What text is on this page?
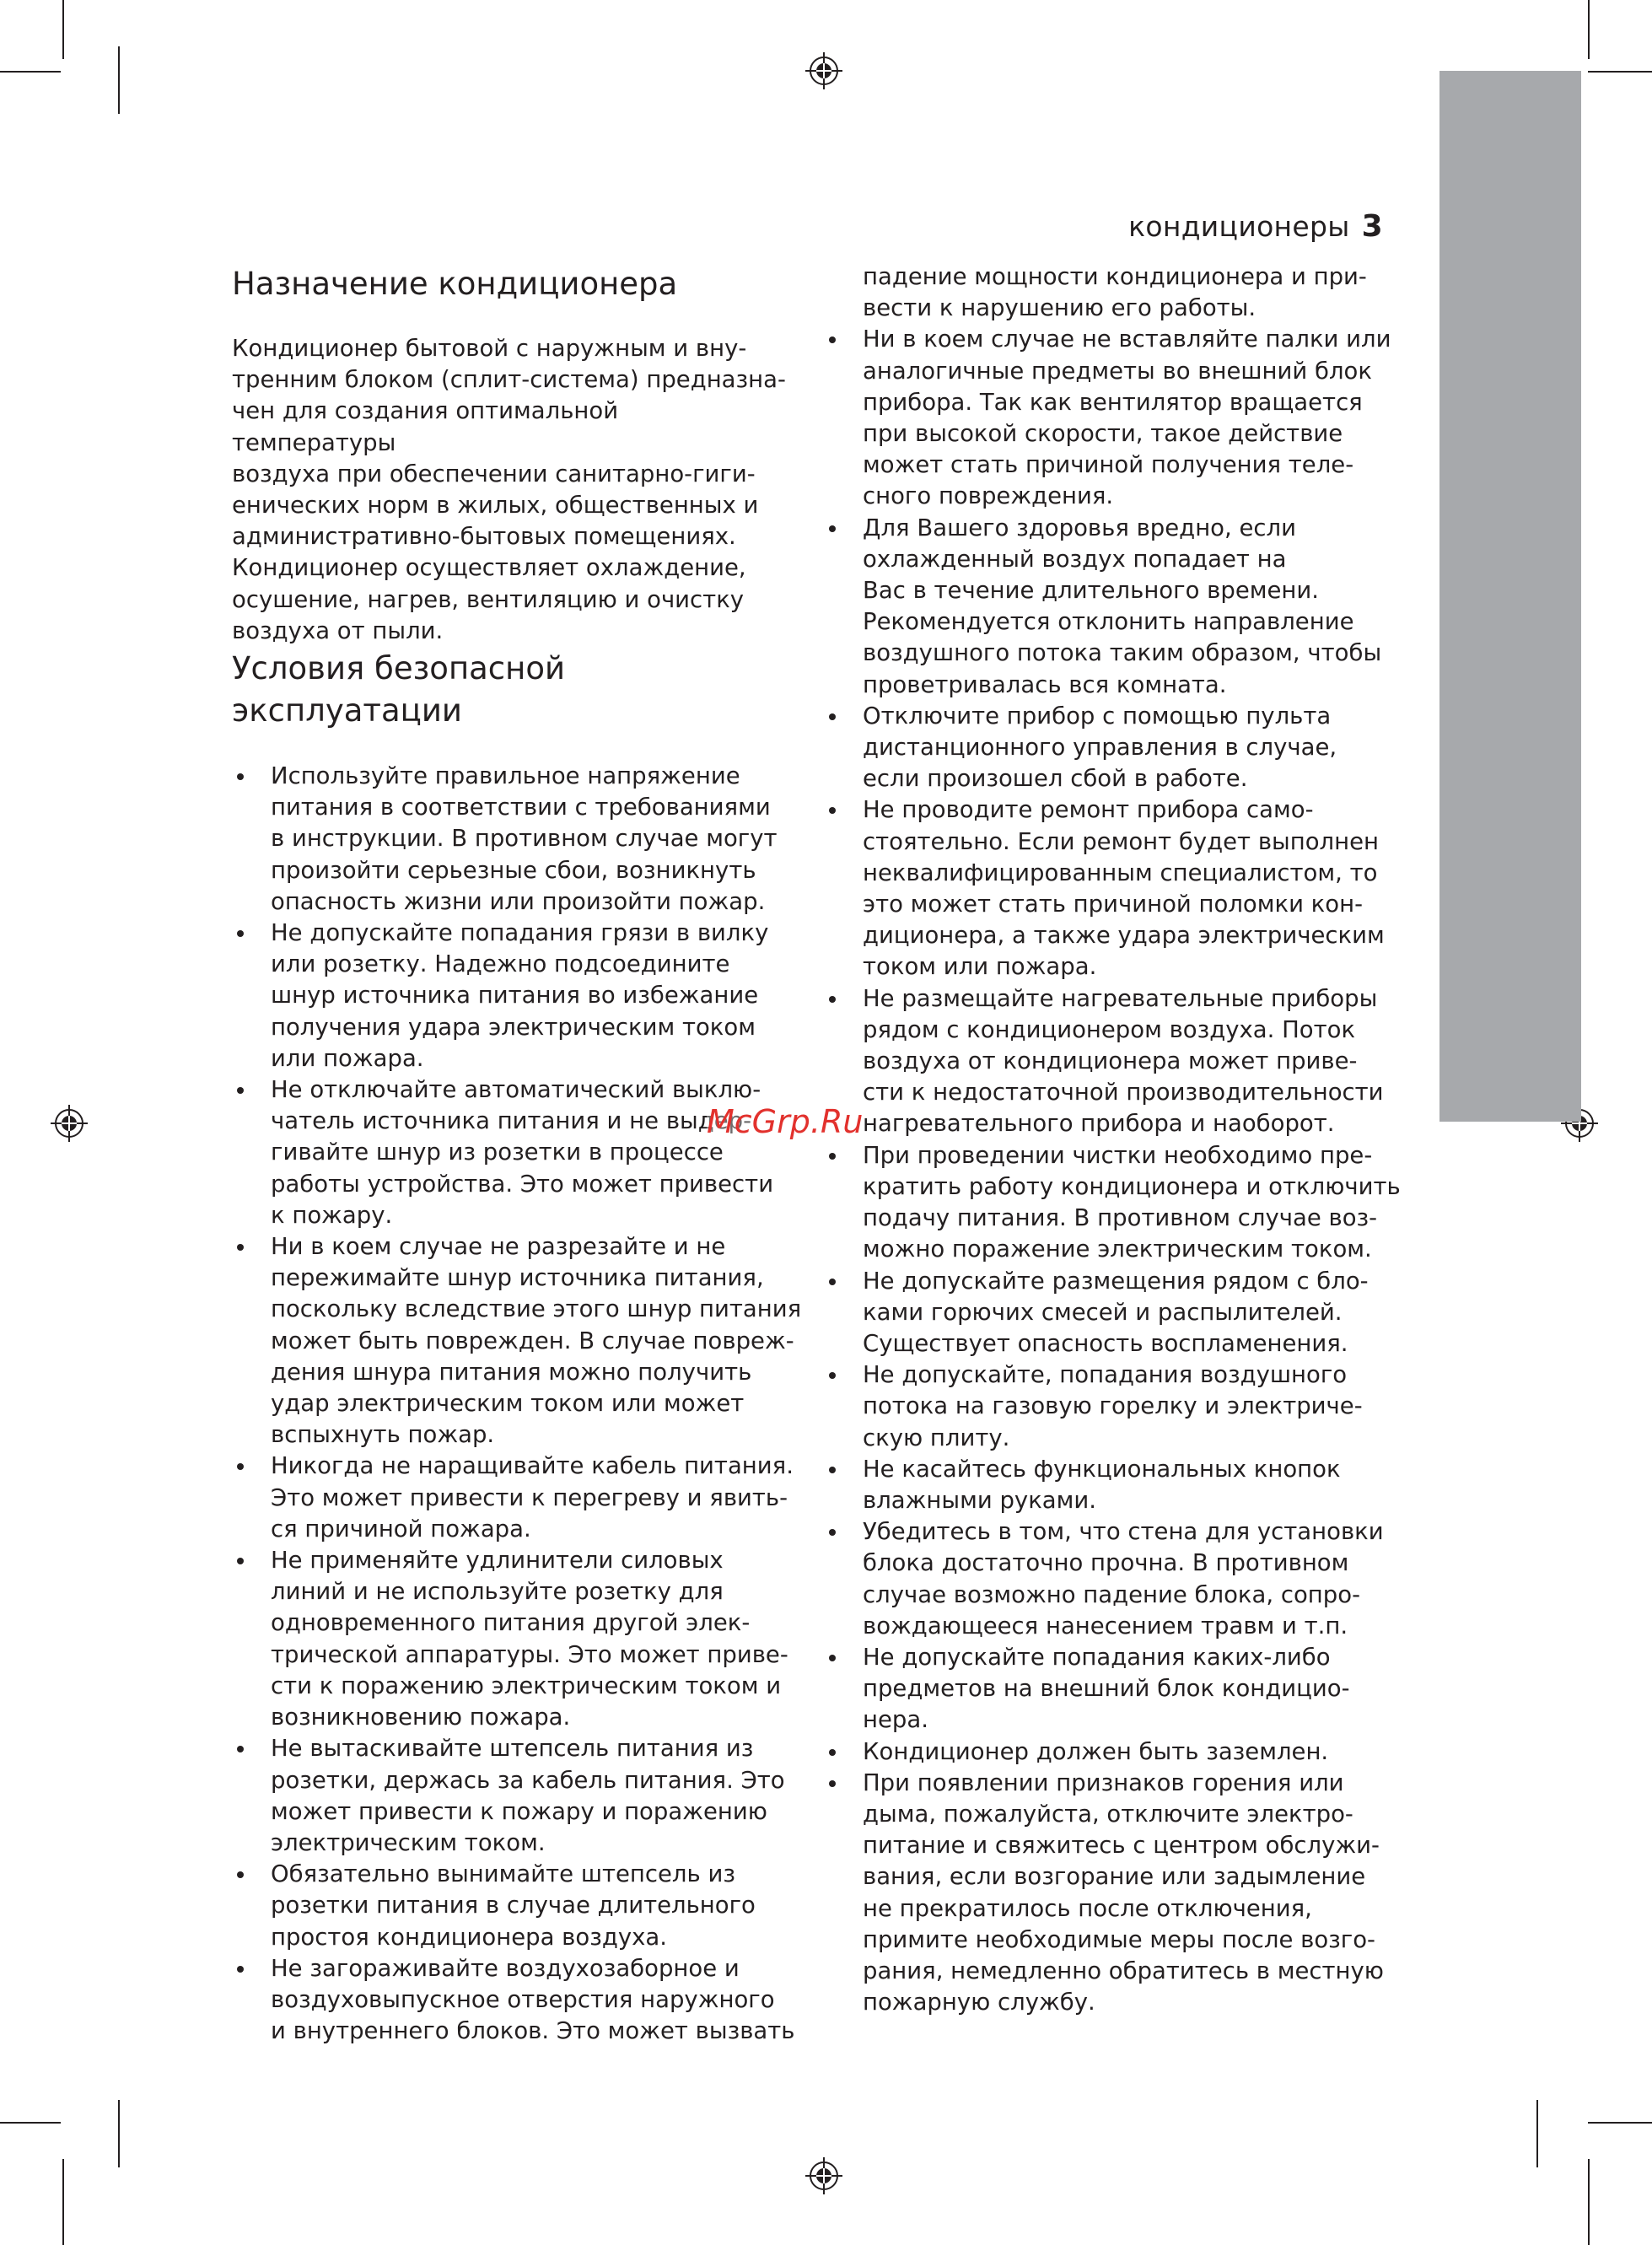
кондиционеры 3
Назначение кондиционера

Кондиционер бытовой с наружным и вну-
тренним блоком (сплит-система) предназна-
чен для создания оптимальной температуры
воздуха при обеспечении санитарно-гиги-
енических норм в жилых, общественных и
административно-бытовых помещениях.
Кондиционер осуществляет охлаждение,
осушение, нагрев, вентиляцию и очистку
воздуха от пыли.

Условия безопасной
эксплуатации
Используйте правильное напряжение
питания в соответствии с требованиями
в инструкции. В противном случае могут
произойти серьезные сбои, возникнуть
опасность жизни или произойти пожар.
Не допускайте попадания грязи в вилку
или розетку. Надежно подсоедините
шнур источника питания во избежание
получения удара электрическим током
или пожара.
Не отключайте автоматический выклю-
чатель источника питания и не выдер-
гивайте шнур из розетки в процессе
работы устройства. Это может привести
к пожару.
Ни в коем случае не разрезайте и не
пережимайте шнур источника питания,
поскольку вследствие этого шнур питания
может быть поврежден. В случае повреж-
дения шнура питания можно получить
удар электрическим током или может
вспыхнуть пожар.
Никогда не наращивайте кабель питания.
Это может привести к перегреву и явить-
ся причиной пожара.
Не применяйте удлинители силовых
линий и не используйте розетку для
одновременного питания другой элек-
трической аппаратуры. Это может приве-
сти к поражению электрическим током и
возникновению пожара.
Не вытаскивайте штепсель питания из
розетки, держась за кабель питания. Это
может привести к пожару и поражению
электрическим током.
Обязательно вынимайте штепсель из
розетки питания в случае длительного
простоя кондиционера воздуха.
Не загораживайте воздухозаборное и
воздуховыпускное отверстия наружного
и внутреннего блоков. Это может вызвать
падение мощности кондиционера и при-
вести к нарушению его работы.
Ни в коем случае не вставляйте палки или
аналогичные предметы во внешний блок
прибора. Так как вентилятор вращается
при высокой скорости, такое действие
может стать причиной получения теле-
сного повреждения.
Для Вашего здоровья вредно, если
охлажденный воздух попадает на
Вас в течение длительного времени.
Рекомендуется отклонить направление
воздушного потока таким образом, чтобы
проветривалась вся комната.
Отключите прибор с помощью пульта
дистанционного управления в случае,
если произошел сбой в работе.
Не проводите ремонт прибора само-
стоятельно. Если ремонт будет выполнен
неквалифицированным специалистом, то
это может стать причиной поломки кон-
диционера, а также удара электрическим
током или пожара.
Не размещайте нагревательные приборы
рядом с кондиционером воздуха. Поток
воздуха от кондиционера может приве-
сти к недостаточной производительности
нагревательного прибора и наоборот.
При проведении чистки необходимо пре-
кратить работу кондиционера и отключить
подачу питания. В противном случае воз-
можно поражение электрическим током.
Не допускайте размещения рядом с бло-
ками горючих смесей и распылителей.
Существует опасность воспламенения.
Не допускайте, попадания воздушного
потока на газовую горелку и электриче-
скую плиту.
Не касайтесь функциональных кнопок
влажными руками.
Убедитесь в том, что стена для установки
блока достаточно прочна. В противном
случае возможно падение блока, сопро-
вождающееся нанесением травм и т.п.
Не допускайте попадания каких-либо
предметов на внешний блок кондицио-
нера.
Кондиционер должен быть заземлен.
При появлении признаков горения или
дыма, пожалуйста, отключите электро-
питание и свяжитесь с центром обслужи-
вания, если возгорание или задымление
не прекратилось после отключения,
примите необходимые меры после возго-
рания, немедленно обратитесь в местную
пожарную службу.
McGrp.Ru
